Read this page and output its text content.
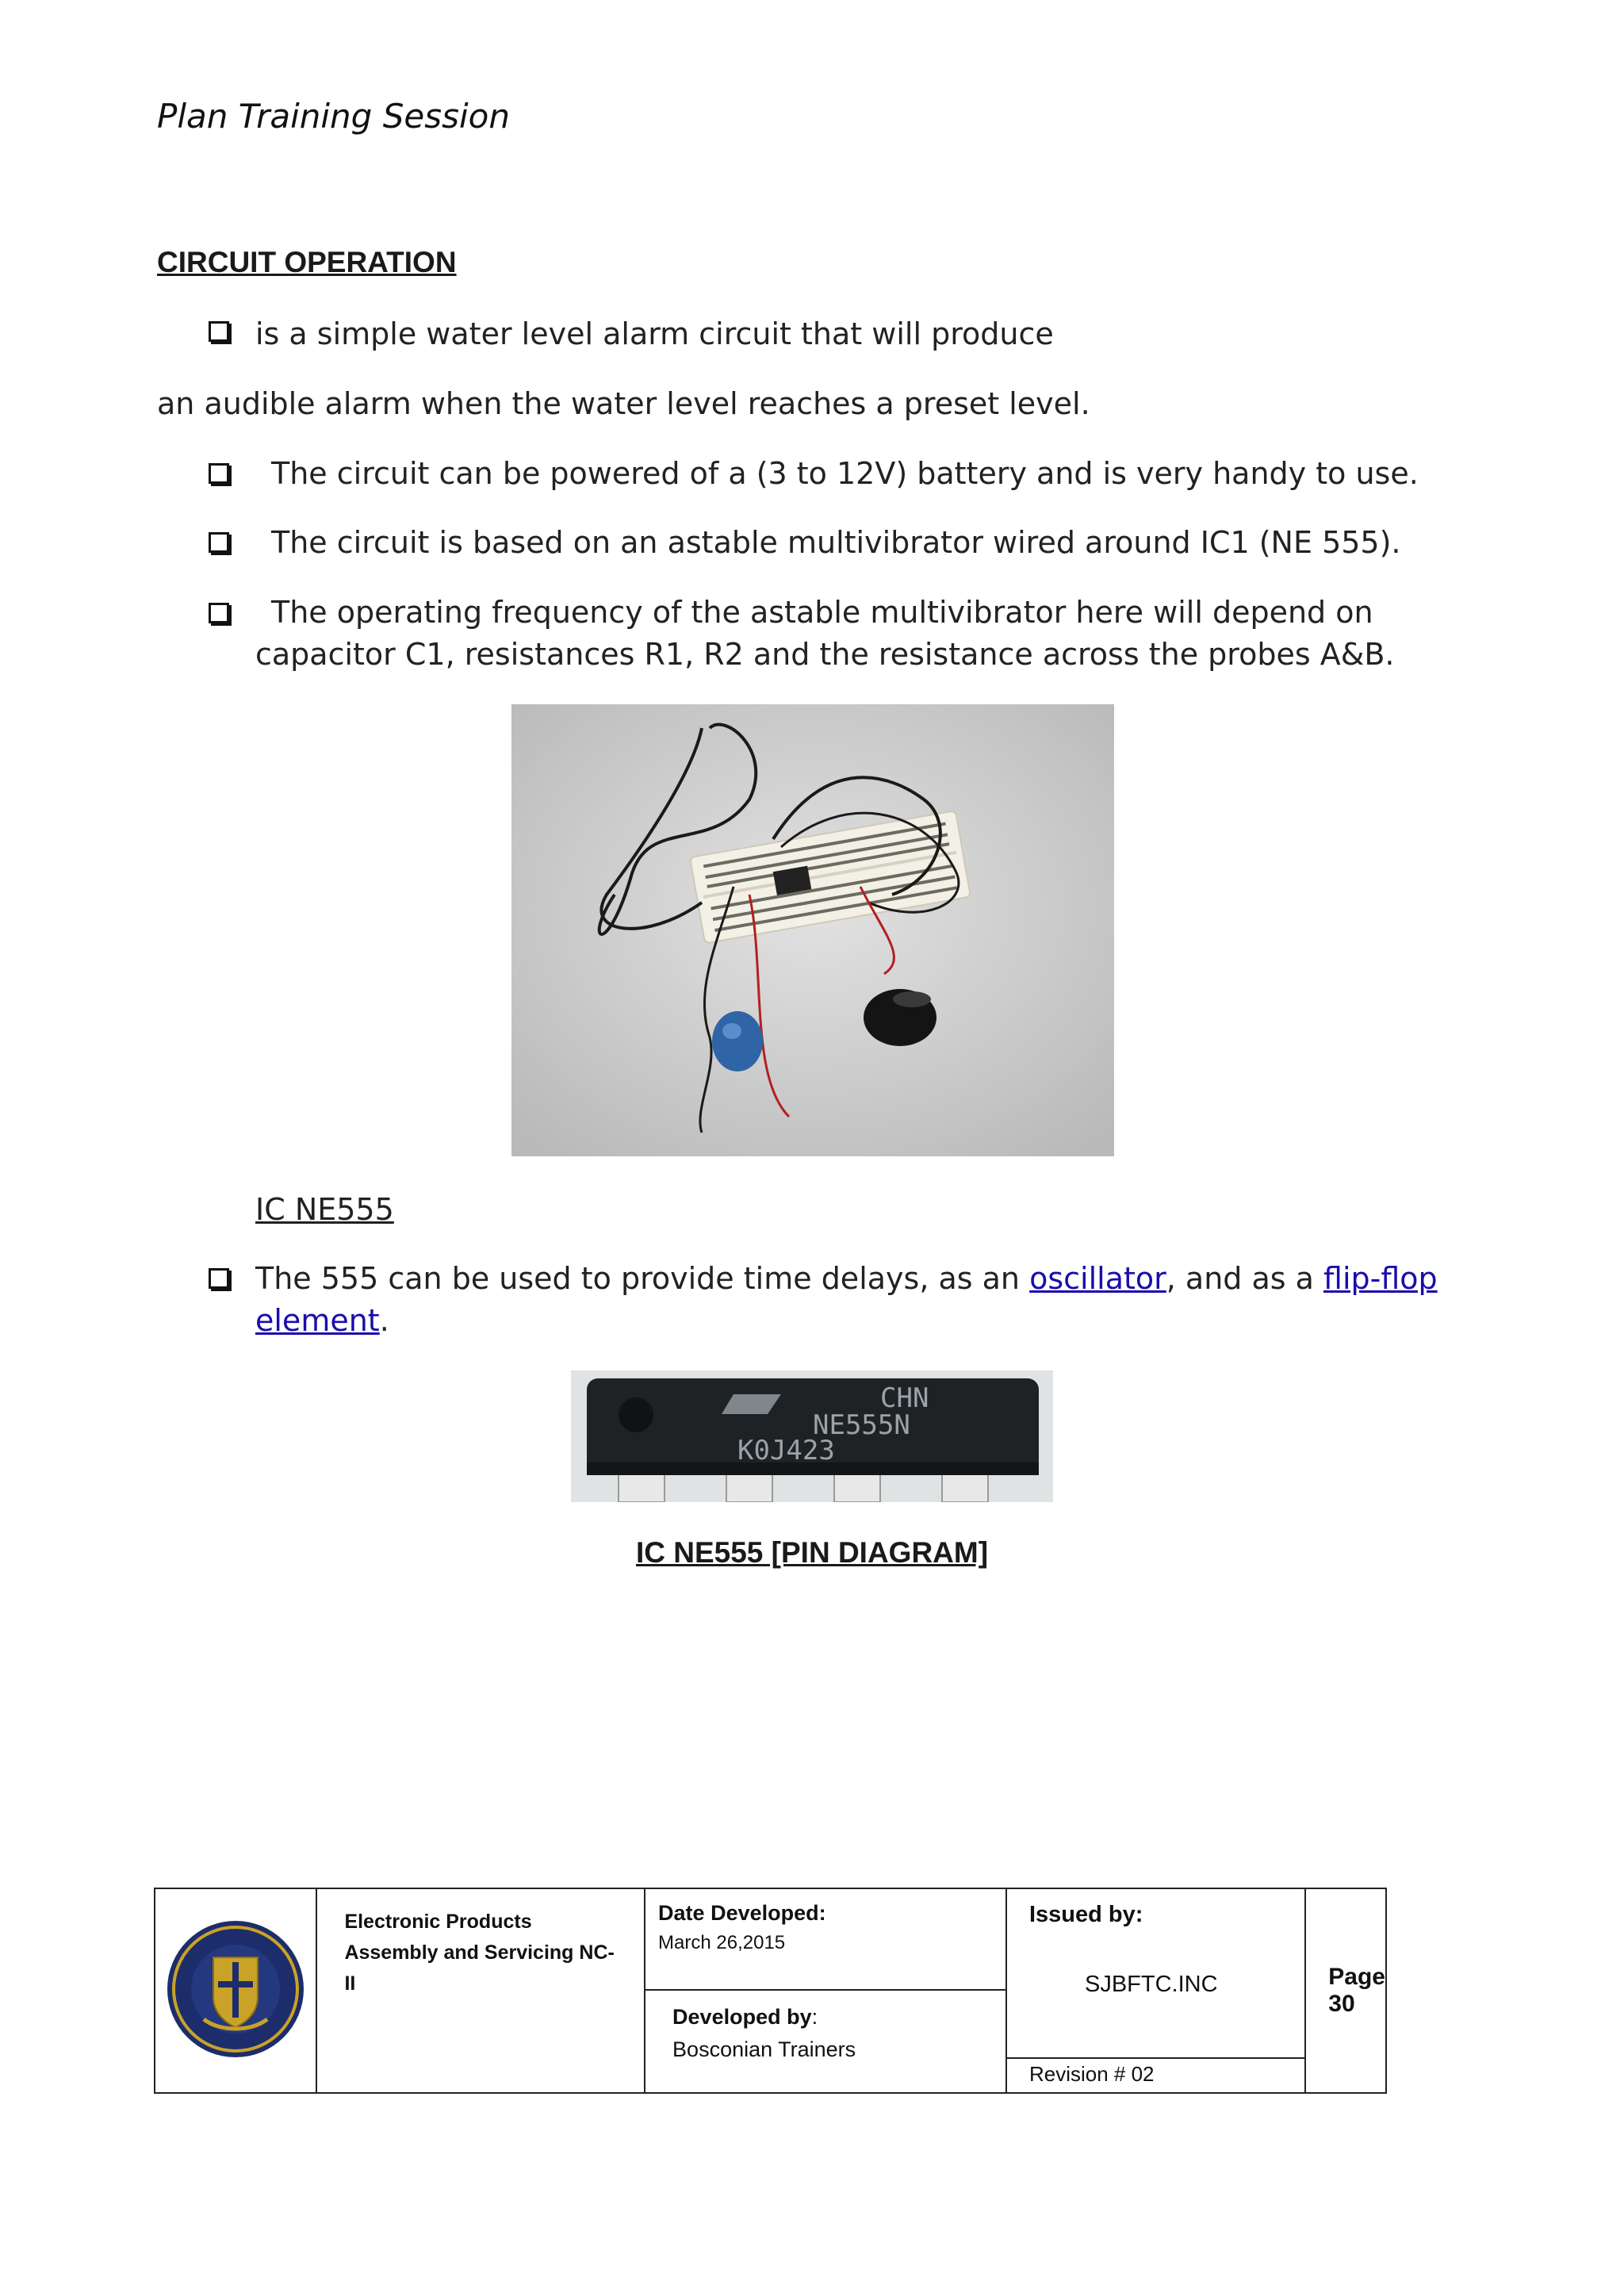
Plan Training Session
CIRCUIT OPERATION
is a simple water level alarm circuit that will produce
an audible alarm when the water level reaches a preset level.
The circuit can be powered of a (3 to 12V) battery and is very handy to use.
The circuit is based on an astable multivibrator wired around IC1 (NE 555).
The operating frequency of the astable multivibrator here will depend on
capacitor C1, resistances R1, R2 and the resistance across the probes A&B.
IC NE555
The 555 can be used to provide time delays, as an oscillator, and as a flip-flop
element.
CHN
NE555N
K0J423
IC NE555 [PIN DIAGRAM]

Electronic Products
Assembly and Servicing NC-
II

Date Developed:
March 26,2015

Issued by:
SJBFTC.INC	Page 30

Developed by:
Bosconian Trainers

Revision # 02
